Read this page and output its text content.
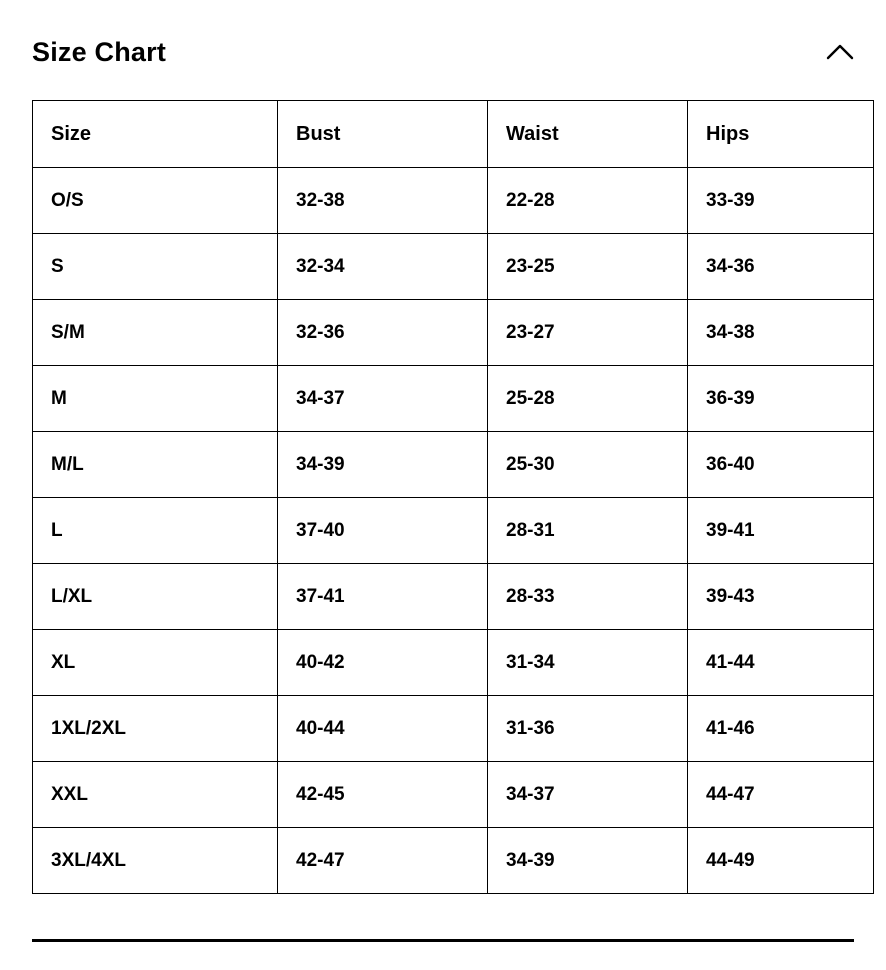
Size Chart
Size	Bust	Waist	Hips
O/S	32-38	22-28	33-39
S	32-34	23-25	34-36
S/M	32-36	23-27	34-38
M	34-37	25-28	36-39
M/L	34-39	25-30	36-40
L	37-40	28-31	39-41
L/XL	37-41	28-33	39-43
XL	40-42	31-34	41-44
1XL/2XL	40-44	31-36	41-46
XXL	42-45	34-37	44-47
3XL/4XL	42-47	34-39	44-49
